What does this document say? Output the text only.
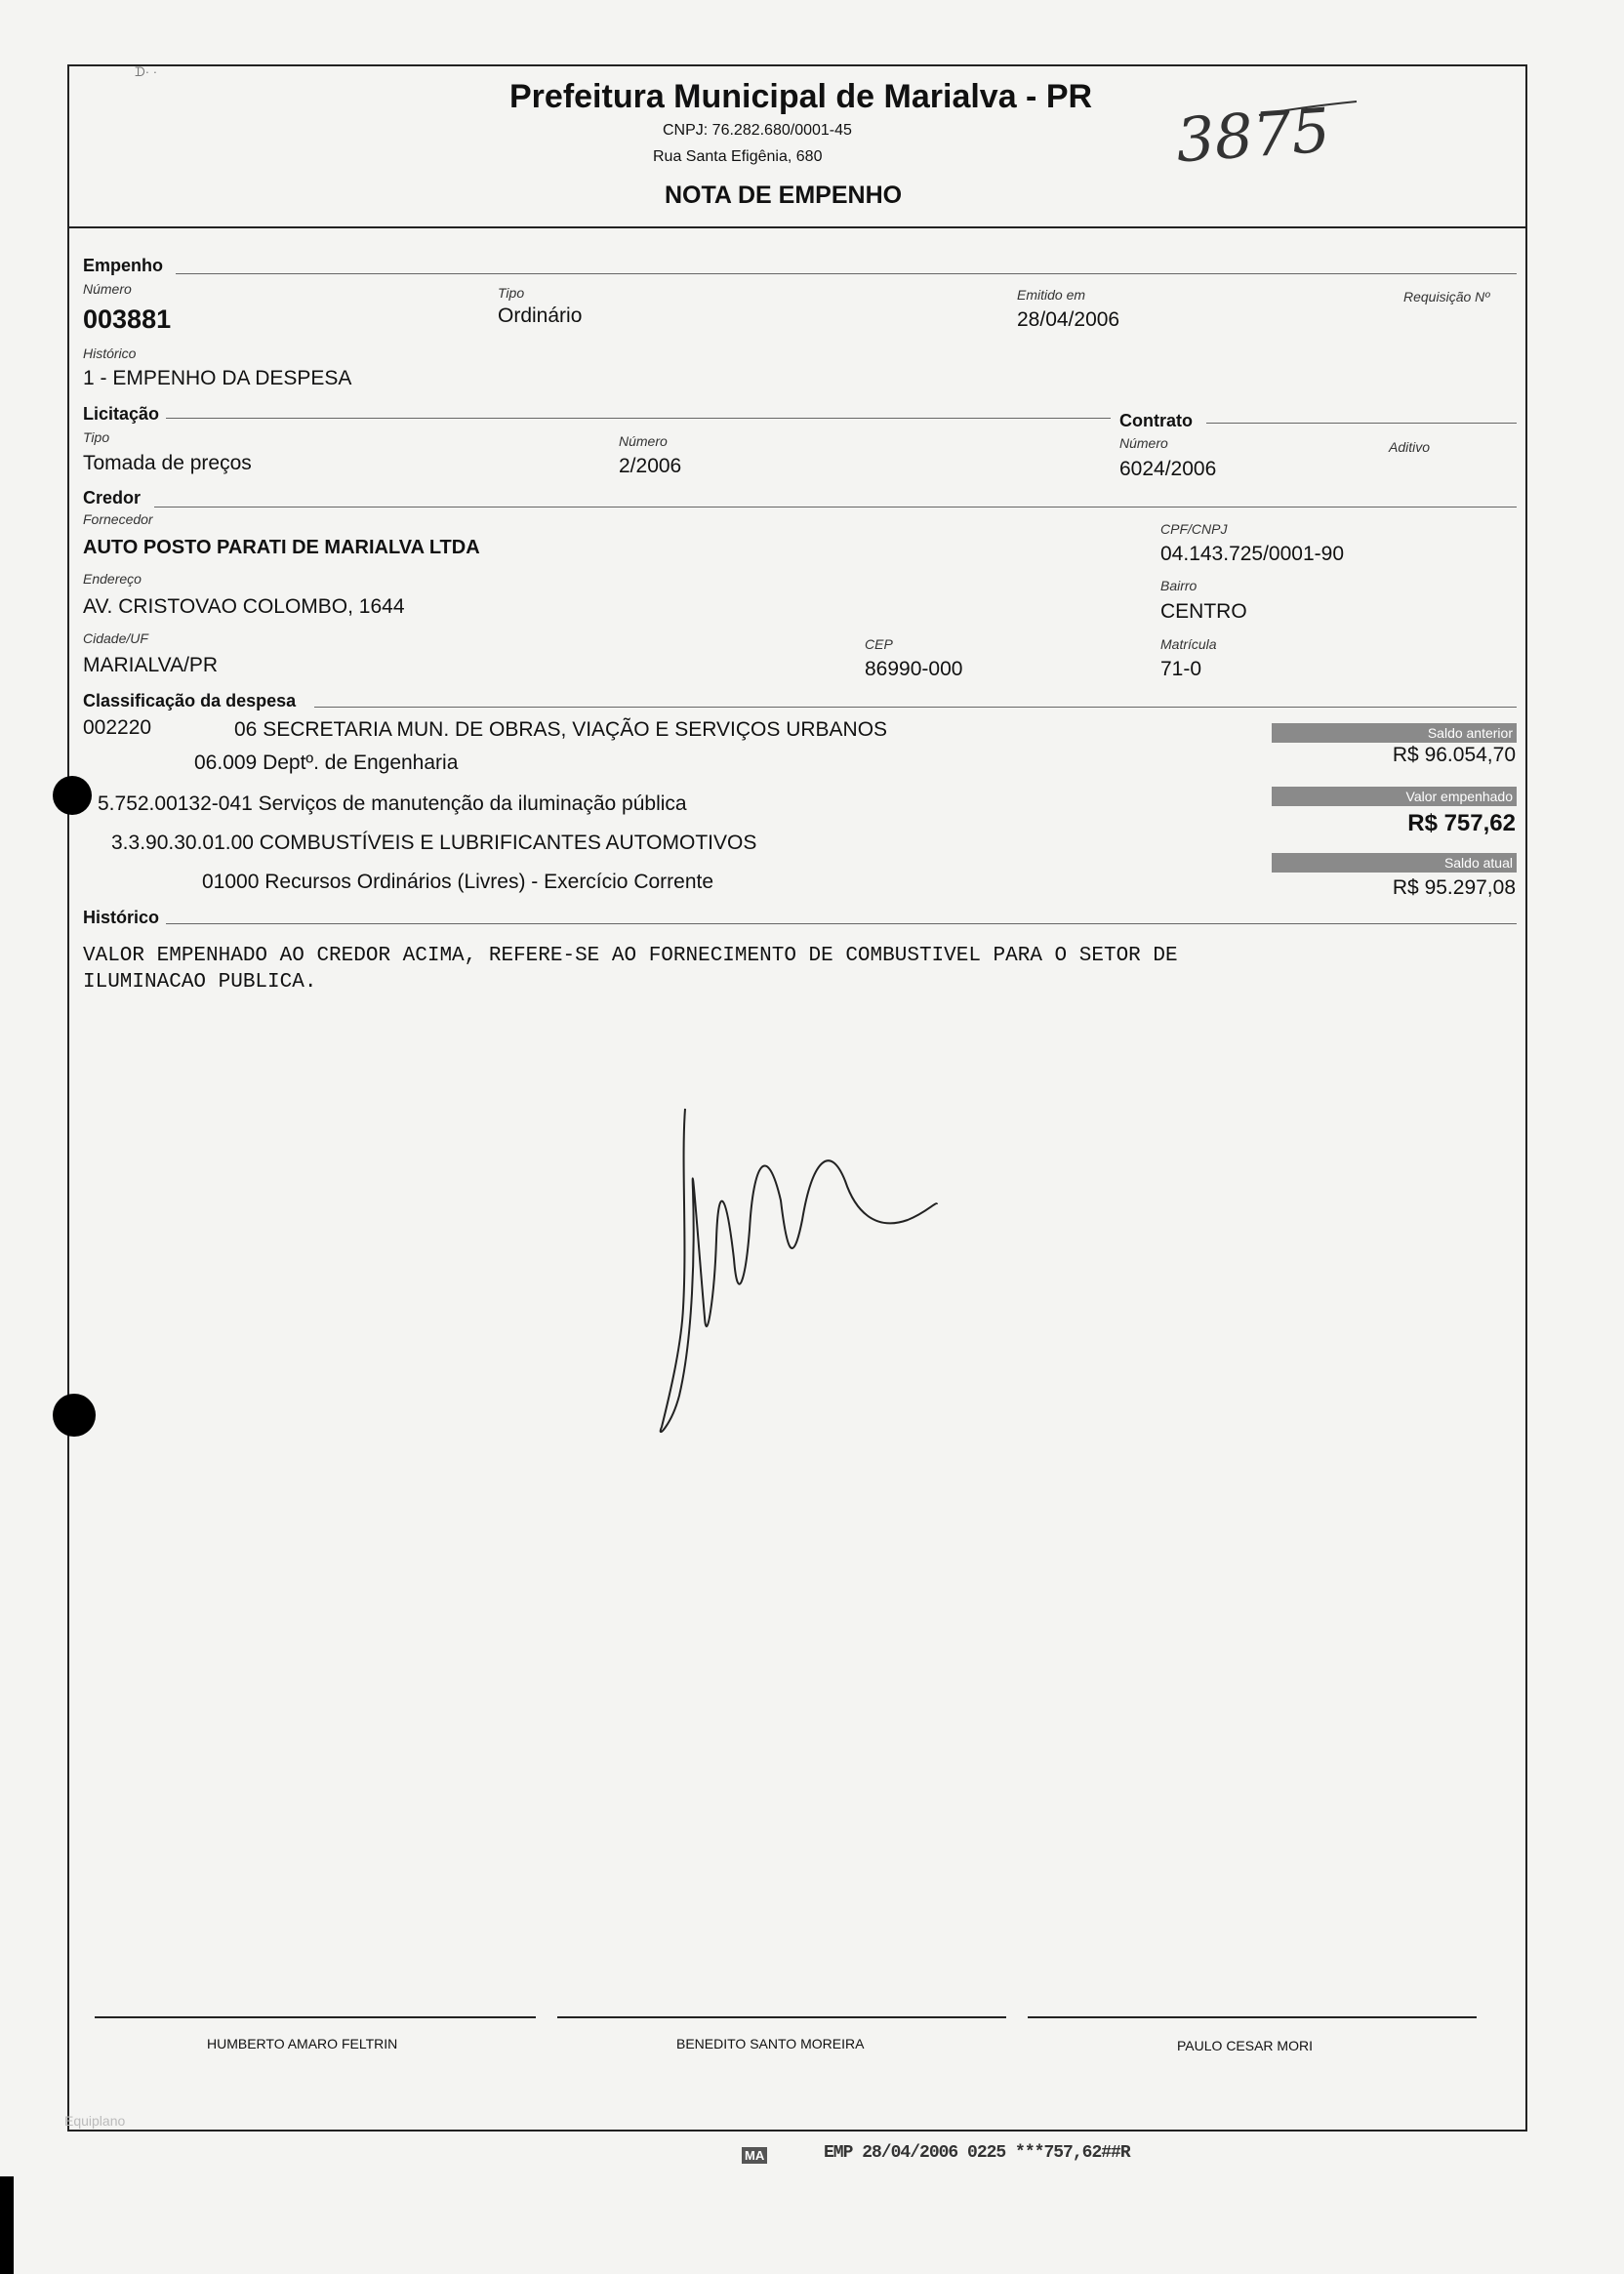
ᗪ· ·
Prefeitura Municipal de Marialva - PR
CNPJ: 76.282.680/0001-45
Rua Santa Efigênia, 680
NOTA DE EMPENHO
3875
Empenho
Número
003881
Tipo
Ordinário
Emitido em
28/04/2006
Requisição Nº
Histórico
1 - EMPENHO DA DESPESA
Licitação
Tipo
Tomada de preços
Número
2/2006
Contrato
Número
6024/2006
Aditivo
Credor
Fornecedor
AUTO POSTO PARATI DE MARIALVA LTDA
CPF/CNPJ
04.143.725/0001-90
Endereço
AV. CRISTOVAO COLOMBO, 1644
Bairro
CENTRO
Cidade/UF
MARIALVA/PR
CEP
86990-000
Matrícula
71-0
Classificação da despesa
002220	06 SECRETARIA MUN. DE OBRAS, VIAÇÃO E SERVIÇOS URBANOS
06.009 Deptº. de Engenharia
5.752.00132-041 Serviços de manutenção da iluminação pública
3.3.90.30.01.00 COMBUSTÍVEIS E LUBRIFICANTES AUTOMOTIVOS
01000 Recursos Ordinários (Livres) - Exercício Corrente
Saldo anterior
R$ 96.054,70
Valor empenhado
R$ 757,62
Saldo atual
R$ 95.297,08
Histórico
VALOR EMPENHADO AO CREDOR ACIMA, REFERE-SE AO FORNECIMENTO DE COMBUSTIVEL PARA O SETOR DE
ILUMINACAO PUBLICA.
HUMBERTO AMARO FELTRIN	BENEDITO SANTO MOREIRA	PAULO CESAR MORI
Equiplano
MA	EMP 28/04/2006 0225 ***757,62##R
